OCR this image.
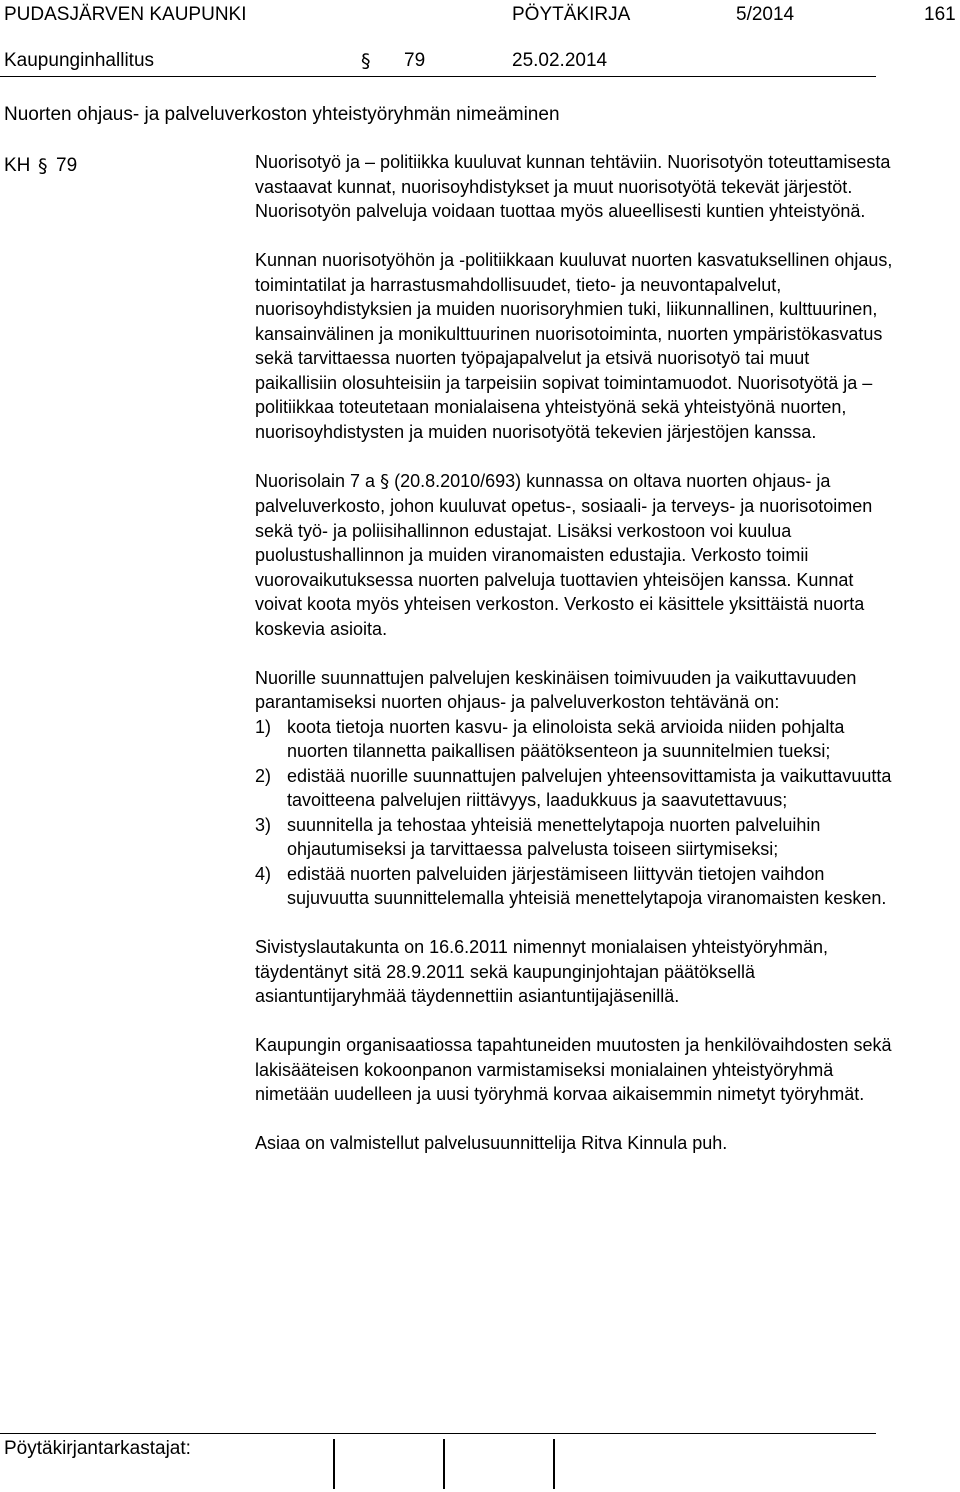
PUDASJÄRVEN KAUPUNKI	PÖYTÄKIRJA	5/2014	161
Kaupunginhallitus	§ 79	25.02.2014
Nuorten ohjaus- ja palveluverkoston yhteistyöryhmän nimeäminen
KH § 79	Nuorisotyö ja – politiikka kuuluvat kunnan tehtäviin. Nuorisotyön toteuttamisesta vastaavat kunnat, nuorisoyhdistykset ja muut nuorisotyötä tekevät järjestöt. Nuorisotyön palveluja voidaan tuottaa myös alueellisesti kuntien yhteistyönä.

Kunnan nuorisotyöhön ja -politiikkaan kuuluvat nuorten kasvatuksellinen ohjaus, toimintatilat ja harrastusmahdollisuudet, tieto- ja neuvontapalvelut, nuorisoyhdistyksien ja muiden nuorisoryhmien tuki, liikunnallinen, kulttuurinen, kansainvälinen ja monikulttuurinen nuorisotoiminta, nuorten ympäristökasvatus sekä tarvittaessa nuorten työpajapalvelut ja etsivä nuorisotyö tai muut paikallisiin olosuhteisiin ja tarpeisiin sopivat toimintamuodot. Nuorisotyötä ja – politiikkaa toteutetaan monialaisena yhteistyönä sekä yhteistyönä nuorten, nuorisoyhdistysten ja muiden nuorisotyötä tekevien järjestöjen kanssa.

Nuorisolain 7 a § (20.8.2010/693) kunnassa on oltava nuorten ohjaus- ja palveluverkosto, johon kuuluvat opetus-, sosiaali- ja terveys- ja nuorisotoimen sekä työ- ja poliisihallinnon edustajat. Lisäksi verkostoon voi kuulua puolustushallinnon ja muiden viranomaisten edustajia. Verkosto toimii vuorovaikutuksessa nuorten palveluja tuottavien yhteisöjen kanssa. Kunnat voivat koota myös yhteisen verkoston. Verkosto ei käsittele yksittäistä nuorta koskevia asioita.

Nuorille suunnattujen palvelujen keskinäisen toimivuuden ja vaikuttavuuden parantamiseksi nuorten ohjaus- ja palveluverkoston tehtävänä on:
1) koota tietoja nuorten kasvu- ja elinoloista sekä arvioida niiden pohjalta nuorten tilannetta paikallisen päätöksenteon ja suunnitelmien tueksi;
2) edistää nuorille suunnattujen palvelujen yhteensovittamista ja vaikuttavuutta tavoitteena palvelujen riittävyys, laadukkuus ja saavutettavuus;
3) suunnitella ja tehostaa yhteisiä menettelytapoja nuorten palveluihin ohjautumiseksi ja tarvittaessa palvelusta toiseen siirtymiseksi;
4) edistää nuorten palveluiden järjestämiseen liittyvän tietojen vaihdon sujuvuutta suunnittelemalla yhteisiä menettelytapoja viranomaisten kesken.

Sivistyslautakunta on 16.6.2011 nimennyt monialaisen yhteistyöryhmän, täydentänyt sitä 28.9.2011 sekä kaupunginjohtajan päätöksellä asiantuntijaryhmää täydennettiin asiantuntijajäsenillä.

Kaupungin organisaatiossa tapahtuneiden muutosten ja henkilövaihdosten sekä lakisääteisen kokoonpanon varmistamiseksi monialainen yhteistyöryhmä nimetään uudelleen ja uusi työryhmä korvaa aikaisemmin nimetyt työryhmät.

Asiaa on valmistellut palvelusuunnittelija Ritva Kinnula puh.

Pöytäkirjantarkastajat:
